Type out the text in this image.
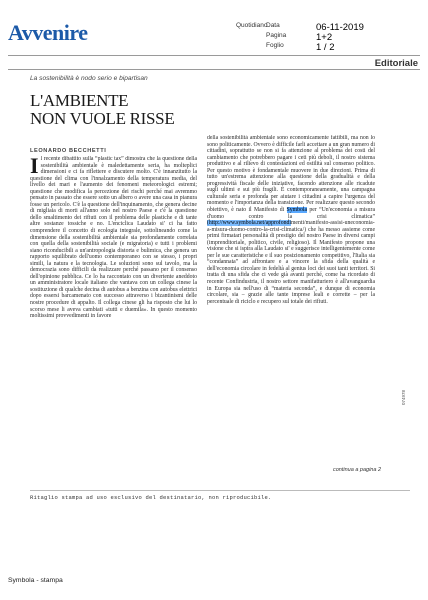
Avvenire	Quotidiano
Data	06-11-2019
Pagina	1+2
Foglio	1 / 2
Editoriale
La sostenibilità è nodo serio e bipartisan
L'AMBIENTE
NON VUOLE RISSE
LEONARDO BECCHETTI
Il recente dibattito sulla “plastic tax” dimostra che la questione della sostenibilità ambientale è maledettamente seria, ha molteplici dimensioni e ci fa riflettere e discutere molto. C'è innanzitutto la questione del clima con l'innalzamento della temperatura media, del livello dei mari e l'aumento dei fenomeni meteorologici estremi; questione che modifica la percezione dei rischi perché mai avremmo pensato in passato che essere sotto un albero o avere una casa in pianura fosse un pericolo. C'è la questione dell'inquinamento, che genera decine di migliaia di morti all'anno solo nel nostro Paese e c'è la questione dello smaltimento dei rifiuti con il problema delle plastiche e di tante altre sostanze tossiche e no. L'enciclica Laudato si' ci ha fatto comprendere il concetto di ecologia integrale, sottolineando come la dimensione della sostenibilità ambientale sia profondamente correlata con quella della sostenibilità sociale (e migratoria) e tutti i problemi siano riconducibili a un'antropologia distorta e bulimica, che genera un rapporto squilibrato dell'uomo contemporaneo con se stesso, i propri simili, la natura e la tecnologia. Le soluzioni sono sul tavolo, ma la democrazia sono difficili da realizzare perché passano per il consenso dell'opinione pubblica. Ce lo ha raccontato con un divertente aneddoto un amministratore locale italiano che vantava con un collega cinese la sostituzione di qualche decina di autobus a benzina con autobus elettrici dopo essersi barcamenato con successo attraverso i bizantinismi delle nostre procedure di appalto. Il collega cinese gli ha risposto che lui lo scorso mese li aveva cambiati «tutti e duemila». In questo momento moltissimi provvedimenti in favore
della sostenibilità ambientale sono economicamente fattibili, ma non lo sono politicamente. Ovvero è difficile farli accettare a un gran numero di cittadini, soprattutto se non si fa attenzione al problema dei costi del cambiamento che potrebbero pagare i ceti più deboli, il nostro sistema produttivo e al rilievo di contestazioni ed ostilità sul consenso politico. Per questo motivo è fondamentale muovere in due direzioni. Prima di tutto un'estrema attenzione alla questione della gradualità e della progressività fiscale delle iniziative, facendo attenzione alle ricadute sugli ultimi e sui più fragili. È contemporaneamente, una campagna culturale seria e profonda per aiutare i cittadini a capire l'urgenza del momento e l'importanza della transizione. Per realizzare questo secondo obiettivo, è nato il Manifesto di Symbola per “Un'economia a misura d'uomo contro la crisi climatica” (http://www.symbola.net/approfondimenti/manifesto-assisi-uneconomia-a-misura-duomo-contro-la-crisi-climatica/) che ha messo assieme come primi firmatari personalità di prestigio del nostro Paese in diversi campi (imprenditoriale, politico, civile, religioso). Il Manifesto propone una visione che si ispira alla Laudato si' e suggerisce intelligentemente come per le sue caratteristiche e il suo posizionamento competitivo, l'Italia sia “condannata” ad affrontare e a vincere la sfida della qualità e dell'economia circolare in fedeltà al genius loci dei suoi tanti territori. Si tratta di una sfida che ci vede già avanti perché, come ha ricordato di recente Confindustria, il nostro settore manifatturiero è all'avanguardia in Europa sia nell'uso di “materia seconda”, e dunque di economia circolare, sia – grazie alle tante imprese leali e corrette – per la percentuale di riciclo e recupero sul totale dei rifiuti.
continua a pagina 2
074978
Ritaglio stampa ad uso esclusivo del destinatario, non riproducibile.
Symbola - stampa
